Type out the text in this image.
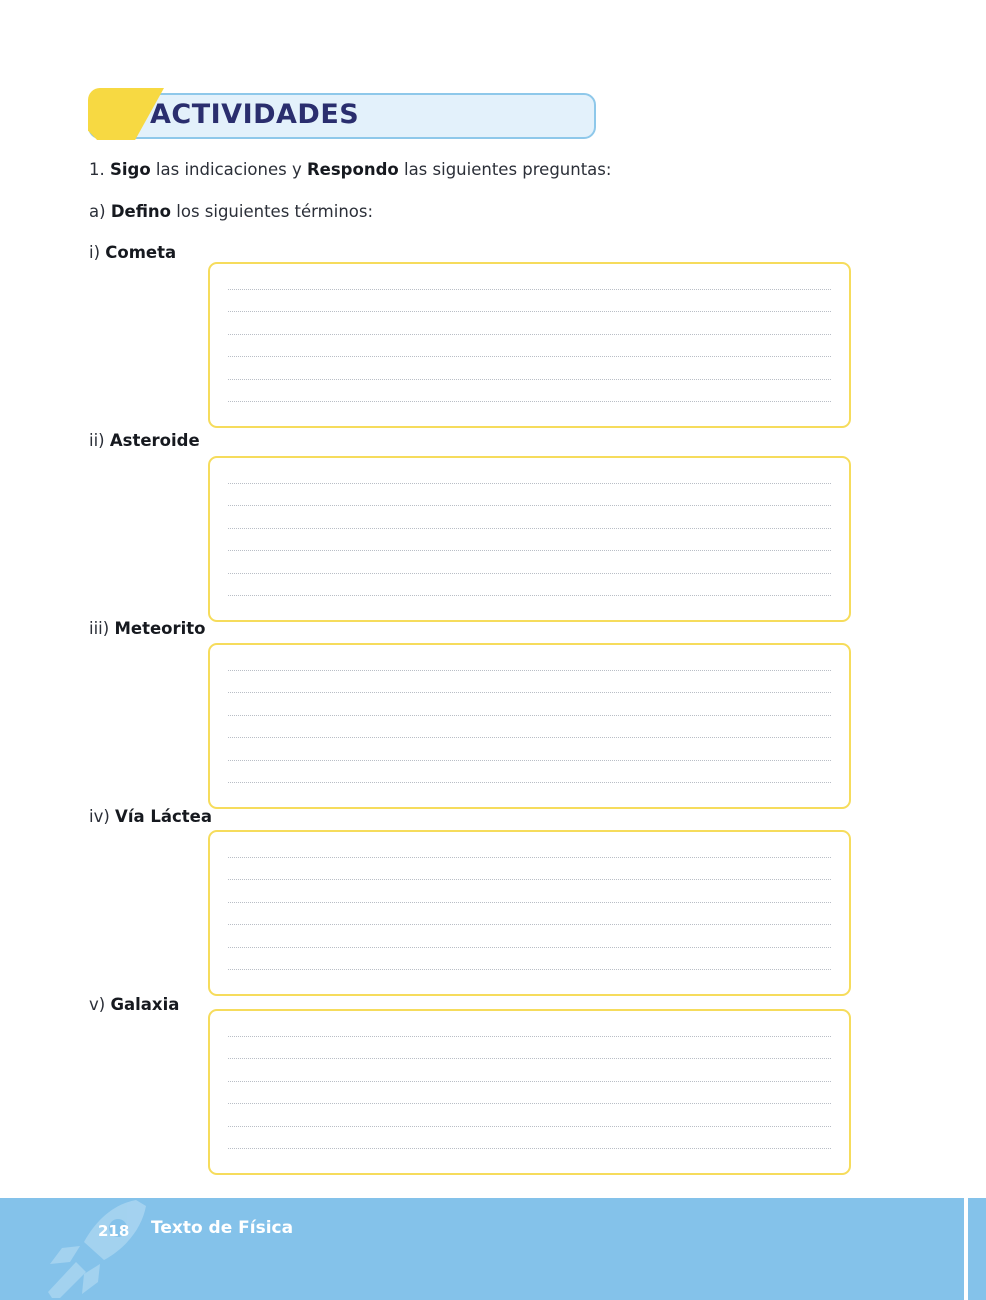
ACTIVIDADES
1. Sigo las indicaciones y Respondo las siguientes preguntas:
a) Defino los siguientes términos:
i) Cometa
ii) Asteroide
iii) Meteorito
iv) Vía Láctea
v) Galaxia
218 Texto de Física
